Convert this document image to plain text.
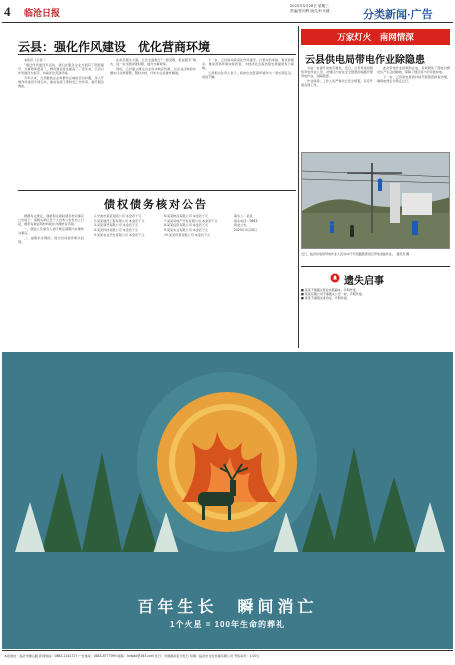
4 临沧日报
2025年5月28日 星期三
责编/张向辉 版式/叶永健	分类新闻·广告
云县：强化作风建设　优化营商环境

本报讯（记者 ）

“通过作风建设年活动，我们在服务企业方面有了明显提升，办事效率更高了，群众满意度也提高了。”近年来，云县以作风建设为抓手，持续优化营商环境。

今年以来，云县聚焦企业和群众反映的突出问题，深入开展作风建设专项行动，推动各级干部转变工作作风，提升服务效能。

在政务服务方面，云县全面推行“一窗受理、集成服务”模式，进一步压缩审批时限，提升办事效率。

同时，云县建立健全企业诉求响应机制，对企业反映的问题实行台账管理，限时办结，切实为企业排忧解难。

下一步，云县将持续深化作风建设，以更实的举措、更优的服务，推动营商环境持续改善，为经济社会高质量发展提供有力保障。

云县相关负责人表示，将把优化营商环境作为一项长期任务，常抓不懈。

万家灯火　南网情深
云县供电局带电作业除隐患

为进一步提升供电可靠性，近日，云县供电局组织带电作业人员，对辖区内存在安全隐患的线路开展带电作业，消除隐患。

作业现场，工作人员严格执行安全规程，有序开展各项工作。

此次带电作业的顺利完成，有效避免了停电对群众生产生活的影响，保障了辖区用户的可靠供电。

下一步，云县供电局将持续开展隐患排查治理，确保电网安全稳定运行。

近日，临沧供电局带电作业人员对10千伏线路隐患进行带电消缺作业。　通讯员 摄
债权债务核对公告

根据有关规定，现就相关债权债务核对事宜公告如下：请相关单位及个人自本公告发布之日起，携带有效证明材料前往办理核对手续。

一、债权人及债务人须于规定期限内办理核对事宜。

二、逾期未办理的，视为自动放弃相关权利。

1.宁波市某某有限公司 本金若干元

2.某某建设工程有限公司 本金若干元

3.某某商贸有限公司 本金若干元

4.某某科技有限公司 本金若干元

5.某某农业开发有限公司 本金若干元

6.某某物流有限公司 本金若干元

7.某某房地产开发有限公司 本金若干元

8.某某投资有限公司 本金若干元

9.某某实业有限公司 本金若干元

10.某某贸易有限公司 本金若干元

联系人：某某

联系电话：0883-

特此公告。

2025年5月28日

遗失启事

■ 某某不慎遗失营业执照副本，声明作废。

■ 某某有限公司不慎遗失公章一枚，声明作废。

■ 某某不慎遗失身份证，声明作废。

百年生长　瞬间消亡
1个火星 = 100年生命的葬礼
本报地址：临沧市旗山路 新闻热线：0883-2142727 广告热线：0883-8777099 邮箱：lcribao@163.com 发行：中国邮政报刊发行 印刷：临沧市文化传媒有限公司 零售每份：1.00元
